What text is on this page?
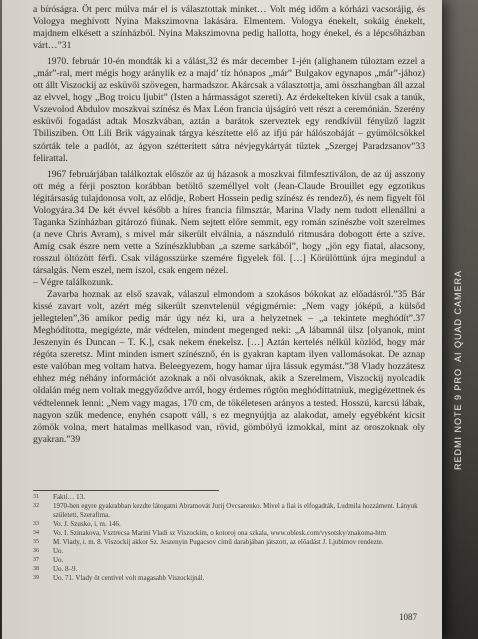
a bíróságra. Öt perc múlva már el is választottak minket… Volt még időm a kórházi vacsorájig, és Vologya meghívott Nyina Makszimovna lakására. Elmentem. Vologya énekelt, sokáig énekelt, majdnem elkésett a színházból. Nyina Makszimovna pedig hallotta, hogy énekel, és a lépcsőházban várt…”31

1970. február 10-én mondták ki a válást,32 és már december 1-jén (alighanem túloztam ezzel a „már”-ral, mert mégis hogy aránylik ez a majd’ tíz hónapos „már” Bulgakov egynapos „már”-jához) ott állt Viszockij az esküvői szövegen, harmadszor. Akárcsak a választottja, ami összhangban áll azzal az elvvel, hogy „Bog troicu ljubit” (Isten a hármasságot szereti). Az érdekelteken kívül csak a tanúk, Vszevolod Abdulov moszkvai színész és Max Léon francia újságíró vett részt a ceremónián. Szerény esküvői fogadást adtak Moszkvában, aztán a barátok szerveztek egy rendkívül fényűző lagzit Tbilisziben. Ott Lili Brik vágyainak tárgya készítette elő az ifjú pár hálószobáját – gyümölcsökkel szórták tele a padlót, az ágyon szétterített sátra névjegykártyát tűztek „Szergej Paradzsanov”33 felirattal.

1967 februárjában találkoztak először az új házasok a moszkvai filmfesztiválon, de az új asszony ott még a férji poszton korábban betöltő személlyel volt (Jean-Claude Brouillet egy egzotikus légitársaság tulajdonosa volt, az elődje, Robert Hossein pedig színész és rendező), és nem figyelt föl Vologyára.34 De két évvel később a híres francia filmsztár, Marina Vlady nem tudott ellenállni a Taganka Színházban gitározó fiúnak. Nem sejtett előre semmit, egy román színészbe volt szerelmes (a neve Chris Avram), s mivel már sikerült elválnia, a násznduló ritmusára dobogott érte a szíve. Amíg csak észre nem vette a Színészklubban „a szeme sarkából”, hogy „jön egy fiatal, alacsony, rosszul öltözött férfi. Csak világosszürke szemére figyelek föl. […] Körülöttünk újra megindul a társalgás. Nem eszel, nem iszol, csak engem nézel.

– Végre találkozunk.

Zavarba hoznak az első szavak, válaszul elmondom a szokásos bókokat az előadásról.”35 Bár kissé zavart volt, azért még sikerült szenvtelenül végigmérnie: „Nem vagy jóképű, a külsőd jellegtelen”,36 amikor pedig már úgy néz ki, ura a helyzetnek – „a tekintete meghódít”.37 Meghódította, megigézte, már védtelen, mindent megenged neki: „A lábamnál ülsz [olyanok, mint Jeszenyin és Duncan – T. K.], csak nekem énekelsz. […] Aztán kertelés nélkül közlöd, hogy már régóta szeretsz. Mint minden ismert színésznő, én is gyakran kaptam ilyen vallomásokat. De aznap este valóban meg voltam hatva. Beleegyezem, hogy hamar újra lássuk egymást.”38 Vlady hozzátesz ehhez még néhány információt azoknak a női olvasóknak, akik a Szerelmem, Viszockij nyolcadik oldalán még nem voltak meggyőződve arról, hogy érdemes rögtön meghódíttatniuk, megigézettnek és védtelennek lenni: „Nem vagy magas, 170 cm, de tökéletesen arányos a tested. Hosszú, karcsú lábak, nagyon szűk medence, enyhén csapott váll, s ez megnyújtja az alakodat, amely egyébként kicsit zömök volna, mert hatalmas mellkasod van, rövid, gömbölyű izmokkal, mint az oroszoknak oly gyakran.”39

31	Fakti… 13.
32	1970-ben egyre gyakrabban kezdte látogatni Abramovát Jurij Ovcsarenko. Mivel a fiai is elfogadták, Ludmila hozzáment. Lányuk született, Szerafima.
33	Vo. J. Szusko, i. m. 146.
34	Vo. I. Szinakova, Vsztrecsa Marini Vladi sz Viszockim, o kotoroj ona szkala, www.oblesk.com/vysotsky/znakoma-htm
35	M. Vlady, i. m. 8. Viszockij akkor Sz. Jeszenyin Pugacsov című darabjában játszott, az előadást J. Ljubimov rendezte.
36	Uo.
37	Uo.
38	Uo. 8–9.
39	Uo. 71. Vlady öt centivel volt magasabb Viszockijnál.
1087
REDMI NOTE 9 PROAI QUAD CAMERA
